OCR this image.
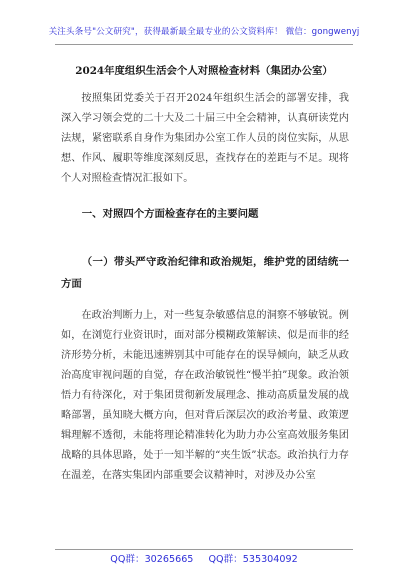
关注头条号"公文研究"，获得最新最全最专业的公文资料库！ 微信：gongwenyj
2024年度组织生活会个人对照检查材料（集团办公室）
按照集团党委关于召开2024年组织生活会的部署安排，我深入学习领会党的二十大及二十届三中全会精神，认真研读党内法规，紧密联系自身作为集团办公室工作人员的岗位实际，从思想、作风、履职等维度深刻反思，查找存在的差距与不足。现将个人对照检查情况汇报如下。
一、对照四个方面检查存在的主要问题
（一）带头严守政治纪律和政治规矩，维护党的团结统一方面
在政治判断力上，对一些复杂敏感信息的洞察不够敏锐。例如，在浏览行业资讯时，面对部分模糊政策解读、似是而非的经济形势分析，未能迅速辨别其中可能存在的误导倾向，缺乏从政治高度审视问题的自觉，存在政治敏锐性“慢半拍”现象。政治领悟力有待深化，对于集团贯彻新发展理念、推动高质量发展的战略部署，虽知晓大概方向，但对背后深层次的政治考量、政策逻辑理解不透彻，未能将理论精准转化为助力办公室高效服务集团战略的具体思路，处于一知半解的“夹生饭”状态。政治执行力存在温差，在落实集团内部重要会议精神时，对涉及办公室
QQ群：30265665 QQ群：535304092
